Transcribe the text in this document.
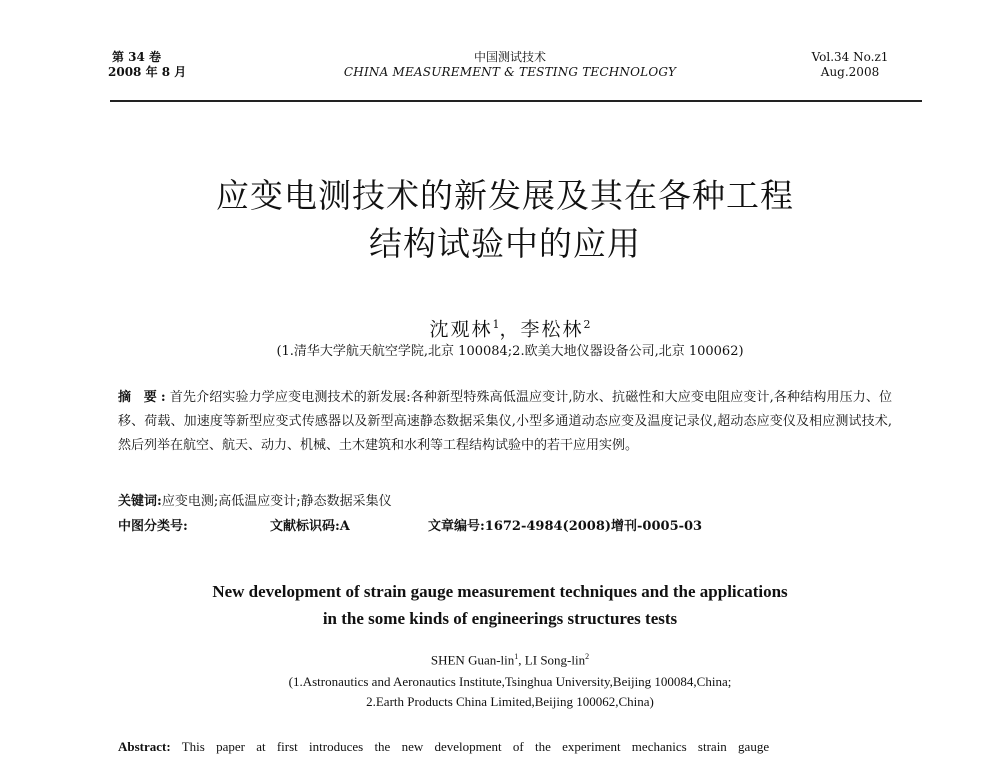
第 34 卷
2008 年 8 月
中国测试技术
CHINA MEASUREMENT & TESTING TECHNOLOGY
Vol.34 No.z1
Aug.2008
应变电测技术的新发展及其在各种工程
结构试验中的应用
沈观林$^1$，李松林$^2$
(1.清华大学航天航空学院,北京 100084;2.欧美大地仪器设备公司,北京 100062)
摘 要:首先介绍实验力学应变电测技术的新发展:各种新型特殊高低温应变计,防水、抗磁性和大应变电阻应变计,各种结构用压力、位移、荷载、加速度等新型应变式传感器以及新型高速静态数据采集仪,小型多通道动态应变及温度记录仪,超动态应变仪及相应测试技术,然后列举在航空、航天、动力、机械、土木建筑和水利等工程结构试验中的若干应用实例。
关键词:应变电测;高低温应变计;静态数据采集仪
中图分类号:	文献标识码:A	文章编号:1672-4984(2008)增刊-0005-03
New development of strain gauge measurement techniques and the applications
in the some kinds of engineerings structures tests
SHEN Guan-lin$^1$, LI Song-lin$^2$
(1.Astronautics and Aeronautics Institute,Tsinghua University,Beijing 100084,China;
2.Earth Products China Limited,Beijing 100062,China)
Abstract: This paper at first introduces the new development of the experiment mechanics strain gauge
